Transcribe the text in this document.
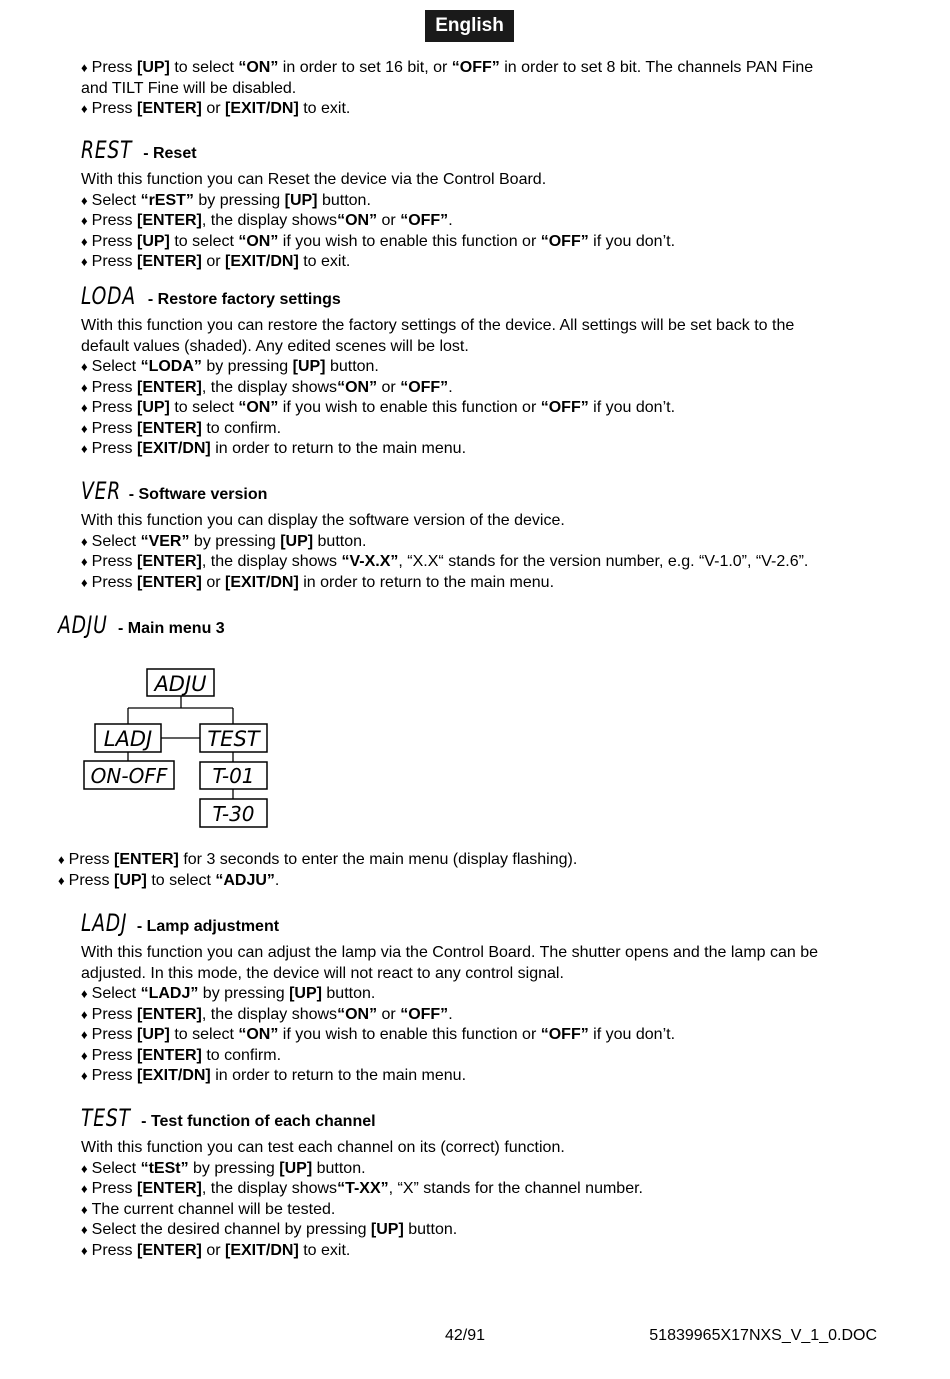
English
♦ Press [UP] to select “ON” in order to set 16 bit, or “OFF” in order to set 8 bit. The channels PAN Fine
and TILT Fine will be disabled.
♦ Press [ENTER] or [EXIT/DN] to exit.
REST - Reset
With this function you can Reset the device via the Control Board.
♦ Select “rEST” by pressing [UP] button.
♦ Press [ENTER], the display shows“ON” or “OFF”.
♦ Press [UP] to select “ON” if you wish to enable this function or “OFF” if you don’t.
♦ Press [ENTER] or [EXIT/DN] to exit.
LODA - Restore factory settings
With this function you can restore the factory settings of the device. All settings will be set back to the
default values (shaded). Any edited scenes will be lost.
♦ Select “LODA” by pressing [UP] button.
♦ Press [ENTER], the display shows“ON” or “OFF”.
♦ Press [UP] to select “ON” if you wish to enable this function or “OFF” if you don’t.
♦ Press [ENTER] to confirm.
♦ Press [EXIT/DN] in order to return to the main menu.
VER - Software version
With this function you can display the software version of the device.
♦ Select “VER” by pressing [UP] button.
♦ Press [ENTER], the display shows “V-X.X”, “X.X“ stands for the version number, e.g. “V-1.0”, “V-2.6”.
♦ Press [ENTER] or [EXIT/DN] in order to return to the main menu.
ADJU - Main menu 3
ADJU
LADJ	TEST
ON-OFF T-01
T-30
♦ Press [ENTER] for 3 seconds to enter the main menu (display flashing).
♦ Press [UP] to select “ADJU”.
LADJ - Lamp adjustment
With this function you can adjust the lamp via the Control Board. The shutter opens and the lamp can be
adjusted. In this mode, the device will not react to any control signal.
♦ Select “LADJ” by pressing [UP] button.
♦ Press [ENTER], the display shows“ON” or “OFF”.
♦ Press [UP] to select “ON” if you wish to enable this function or “OFF” if you don’t.
♦ Press [ENTER] to confirm.
♦ Press [EXIT/DN] in order to return to the main menu.
TEST - Test function of each channel
With this function you can test each channel on its (correct) function.
♦ Select “tESt” by pressing [UP] button.
♦ Press [ENTER], the display shows“T-XX”, “X” stands for the channel number.
♦ The current channel will be tested.
♦ Select the desired channel by pressing [UP] button.
♦ Press [ENTER] or [EXIT/DN] to exit.
42/91	51839965X17NXS_V_1_0.DOC
